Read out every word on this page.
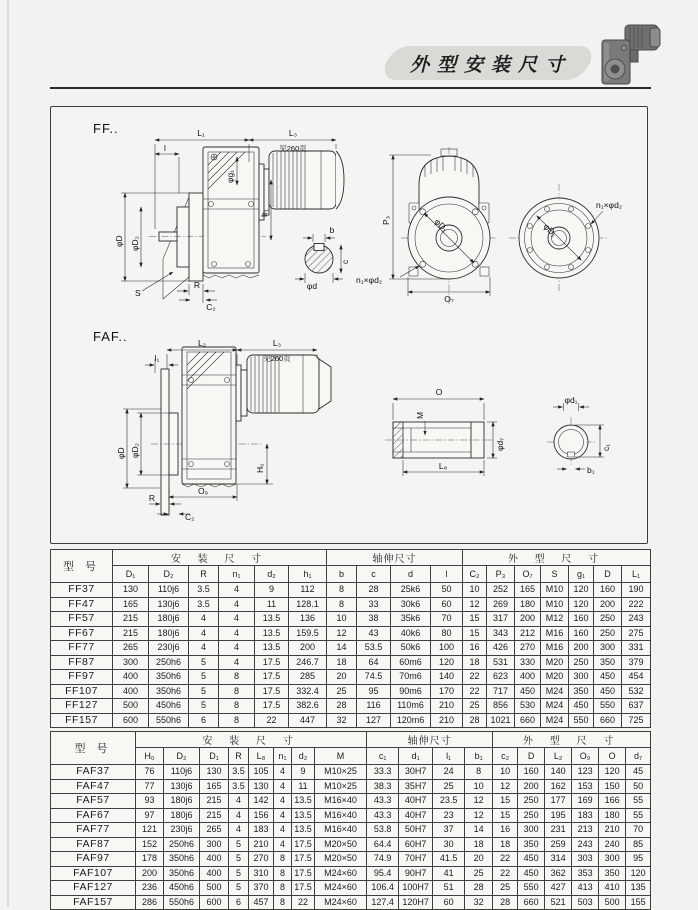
外型安装尺寸
FF..	L₁	L₃
见260页
l
φg₁
h₁
φD φD₂
S
R
C₂
b
c
φd
P₃	φD₁
O₇
n₁×φd₂
φD₁
n₁×φd₂
FAF..	L₂	L₃
见260页
l₁
φD φD₂
H₀
O₉
R
C₂
O
M
φd₇
L₈
φd₁
c₁
b₁
型 号	安 装 尺 寸						轴伸尺寸				外 型 尺 寸						
	D₁	D₂	R	n₁	d₂	h₁	b	c	d	l	C₂	P₃	O₇	S	g₁	D	L₁
FF37	130	110j6	3.5	4	9	112	8	28	25k6	50	10	252	165	M10	120	160	190
FF47	165	130j6	3.5	4	11	128.1	8	33	30k6	60	12	269	180	M10	120	200	222
FF57	215	180j6	4	4	13.5	136	10	38	35k6	70	15	317	200	M12	160	250	243
FF67	215	180j6	4	4	13.5	159.5	12	43	40k6	80	15	343	212	M16	160	250	275
FF77	265	230j6	4	4	13.5	200	14	53.5	50k6	100	16	426	270	M16	200	300	331
FF87	300	250h6	5	4	17.5	246.7	18	64	60m6	120	18	531	330	M20	250	350	379
FF97	400	350h6	5	8	17.5	285	20	74.5	70m6	140	22	623	400	M20	300	450	454
FF107	400	350h6	5	8	17.5	332.4	25	95	90m6	170	22	717	450	M24	350	450	532
FF127	500	450h6	5	8	17.5	382.6	28	116	110m6	210	25	856	530	M24	450	550	637
FF157	600	550h6	6	8	22	447	32	127	120m6	210	28	1021	660	M24	550	660	725
型 号	安 装 尺 寸								轴伸尺寸				外 型 尺 寸					
	H₀	D₂	D₁	R	L₈	n₁	d₂	M	c₁	d₁	l₁	b₁	c₂	D	L₂	O₉	O	d₇
FAF37	76	110j6	130	3.5	105	4	9	M10×25	33.3	30H7	24	8	10	160	140	123	120	45
FAF47	77	130j6	165	3.5	130	4	11	M10×25	38.3	35H7	25	10	12	200	162	153	150	50
FAF57	93	180j6	215	4	142	4	13.5	M16×40	43.3	40H7	23.5	12	15	250	177	169	166	55
FAF67	97	180j6	215	4	156	4	13.5	M16×40	43.3	40H7	23	12	15	250	195	183	180	55
FAF77	121	230j6	265	4	183	4	13.5	M16×40	53.8	50H7	37	14	16	300	231	213	210	70
FAF87	152	250h6	300	5	210	4	17.5	M20×50	64.4	60H7	30	18	18	350	259	243	240	85
FAF97	178	350h6	400	5	270	8	17.5	M20×50	74.9	70H7	41.5	20	22	450	314	303	300	95
FAF107	200	350h6	400	5	310	8	17.5	M24×60	95.4	90H7	41	25	22	450	362	353	350	120
FAF127	236	450h6	500	5	370	8	17.5	M24×60	106.4	100H7	51	28	25	550	427	413	410	135
FAF157	286	550h6	600	6	457	8	22	M24×60	127.4	120H7	60	32	28	660	521	503	500	155
